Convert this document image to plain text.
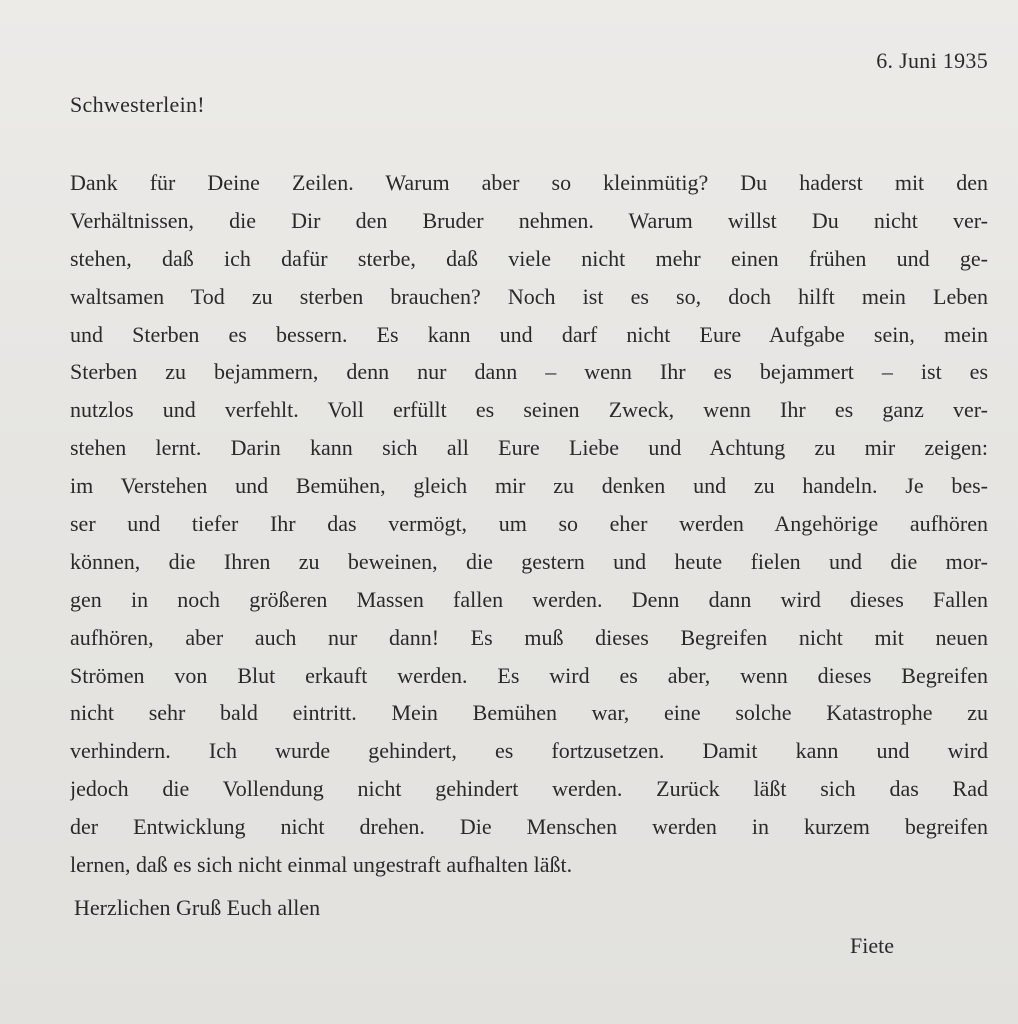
6. Juni 1935
Schwesterlein!
Dank für Deine Zeilen. Warum aber so kleinmütig? Du haderst mit den
Verhältnissen, die Dir den Bruder nehmen. Warum willst Du nicht ver-
stehen, daß ich dafür sterbe, daß viele nicht mehr einen frühen und ge-
waltsamen Tod zu sterben brauchen? Noch ist es so, doch hilft mein Leben
und Sterben es bessern. Es kann und darf nicht Eure Aufgabe sein, mein
Sterben zu bejammern, denn nur dann – wenn Ihr es bejammert – ist es
nutzlos und verfehlt. Voll erfüllt es seinen Zweck, wenn Ihr es ganz ver-
stehen lernt. Darin kann sich all Eure Liebe und Achtung zu mir zeigen:
im Verstehen und Bemühen, gleich mir zu denken und zu handeln. Je bes-
ser und tiefer Ihr das vermögt, um so eher werden Angehörige aufhören
können, die Ihren zu beweinen, die gestern und heute fielen und die mor-
gen in noch größeren Massen fallen werden. Denn dann wird dieses Fallen
aufhören, aber auch nur dann! Es muß dieses Begreifen nicht mit neuen
Strömen von Blut erkauft werden. Es wird es aber, wenn dieses Begreifen
nicht sehr bald eintritt. Mein Bemühen war, eine solche Katastrophe zu
verhindern. Ich wurde gehindert, es fortzusetzen. Damit kann und wird
jedoch die Vollendung nicht gehindert werden. Zurück läßt sich das Rad
der Entwicklung nicht drehen. Die Menschen werden in kurzem begreifen
lernen, daß es sich nicht einmal ungestraft aufhalten läßt.
Herzlichen Gruß Euch allen
Fiete
